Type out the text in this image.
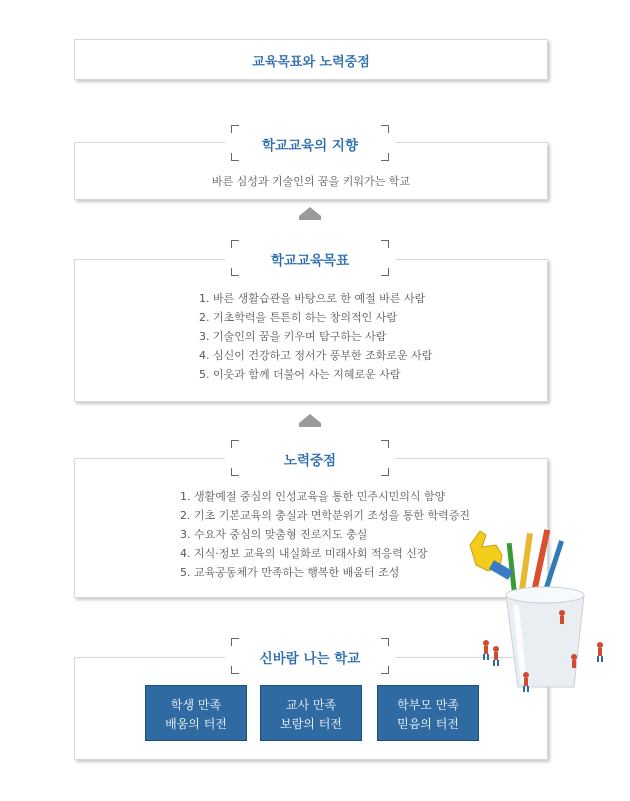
교육목표와 노력중점
바른 심성과 기술인의 꿈을 키워가는 학교
학교교육의 지향
1. 바른 생활습관을 바탕으로 한 예절 바른 사람
2. 기초학력을 튼튼히 하는 창의적인 사람
3. 기술인의 꿈을 키우며 탐구하는 사람
4. 심신이 건강하고 정서가 풍부한 조화로운 사람
5. 이웃과 함께 더불어 사는 지혜로운 사람
학교교육목표
1. 생활예절 중심의 인성교육을 통한 민주시민의식 함양
2. 기초 기본교육의 충실과 면학분위기 조성을 통한 학력증진
3. 수요자 중심의 맞춤형 진로지도 충실
4. 지식·정보 교육의 내실화로 미래사회 적응력 신장
5. 교육공동체가 만족하는 행복한 배움터 조성
노력중점
학생 만족
배움의 터전
교사 만족
보람의 터전
학부모 만족
믿음의 터전
신바람 나는 학교
